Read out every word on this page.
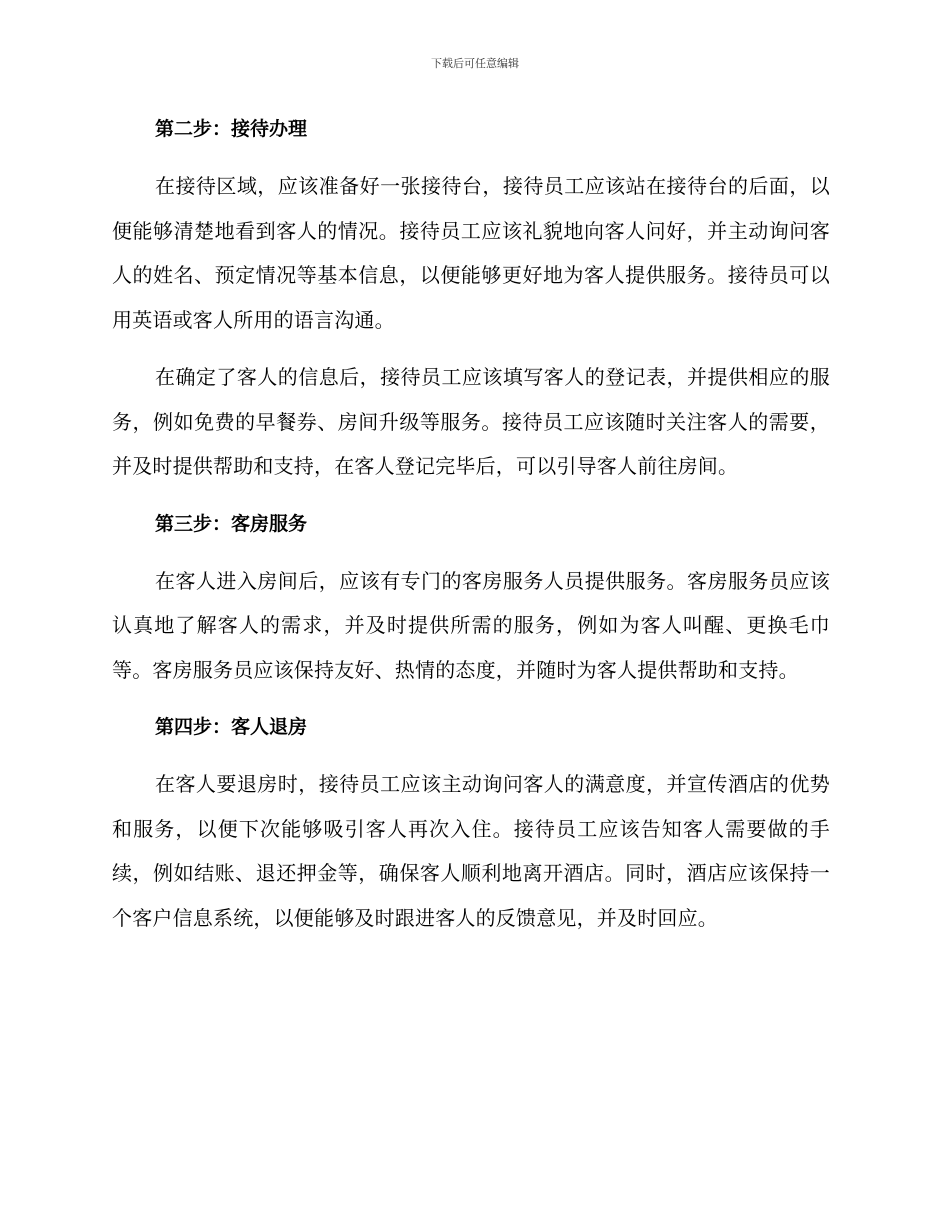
下载后可任意编辑
第二步：接待办理

在接待区域，应该准备好一张接待台，接待员工应该站在接待台的后面，以便能够清楚地看到客人的情况。接待员工应该礼貌地向客人问好，并主动询问客人的姓名、预定情况等基本信息，以便能够更好地为客人提供服务。接待员可以用英语或客人所用的语言沟通。

在确定了客人的信息后，接待员工应该填写客人的登记表，并提供相应的服务，例如免费的早餐券、房间升级等服务。接待员工应该随时关注客人的需要，并及时提供帮助和支持，在客人登记完毕后，可以引导客人前往房间。

第三步：客房服务

在客人进入房间后，应该有专门的客房服务人员提供服务。客房服务员应该认真地了解客人的需求，并及时提供所需的服务，例如为客人叫醒、更换毛巾等。客房服务员应该保持友好、热情的态度，并随时为客人提供帮助和支持。

第四步：客人退房

在客人要退房时，接待员工应该主动询问客人的满意度，并宣传酒店的优势和服务，以便下次能够吸引客人再次入住。接待员工应该告知客人需要做的手续，例如结账、退还押金等，确保客人顺利地离开酒店。同时，酒店应该保持一个客户信息系统，以便能够及时跟进客人的反馈意见，并及时回应。
